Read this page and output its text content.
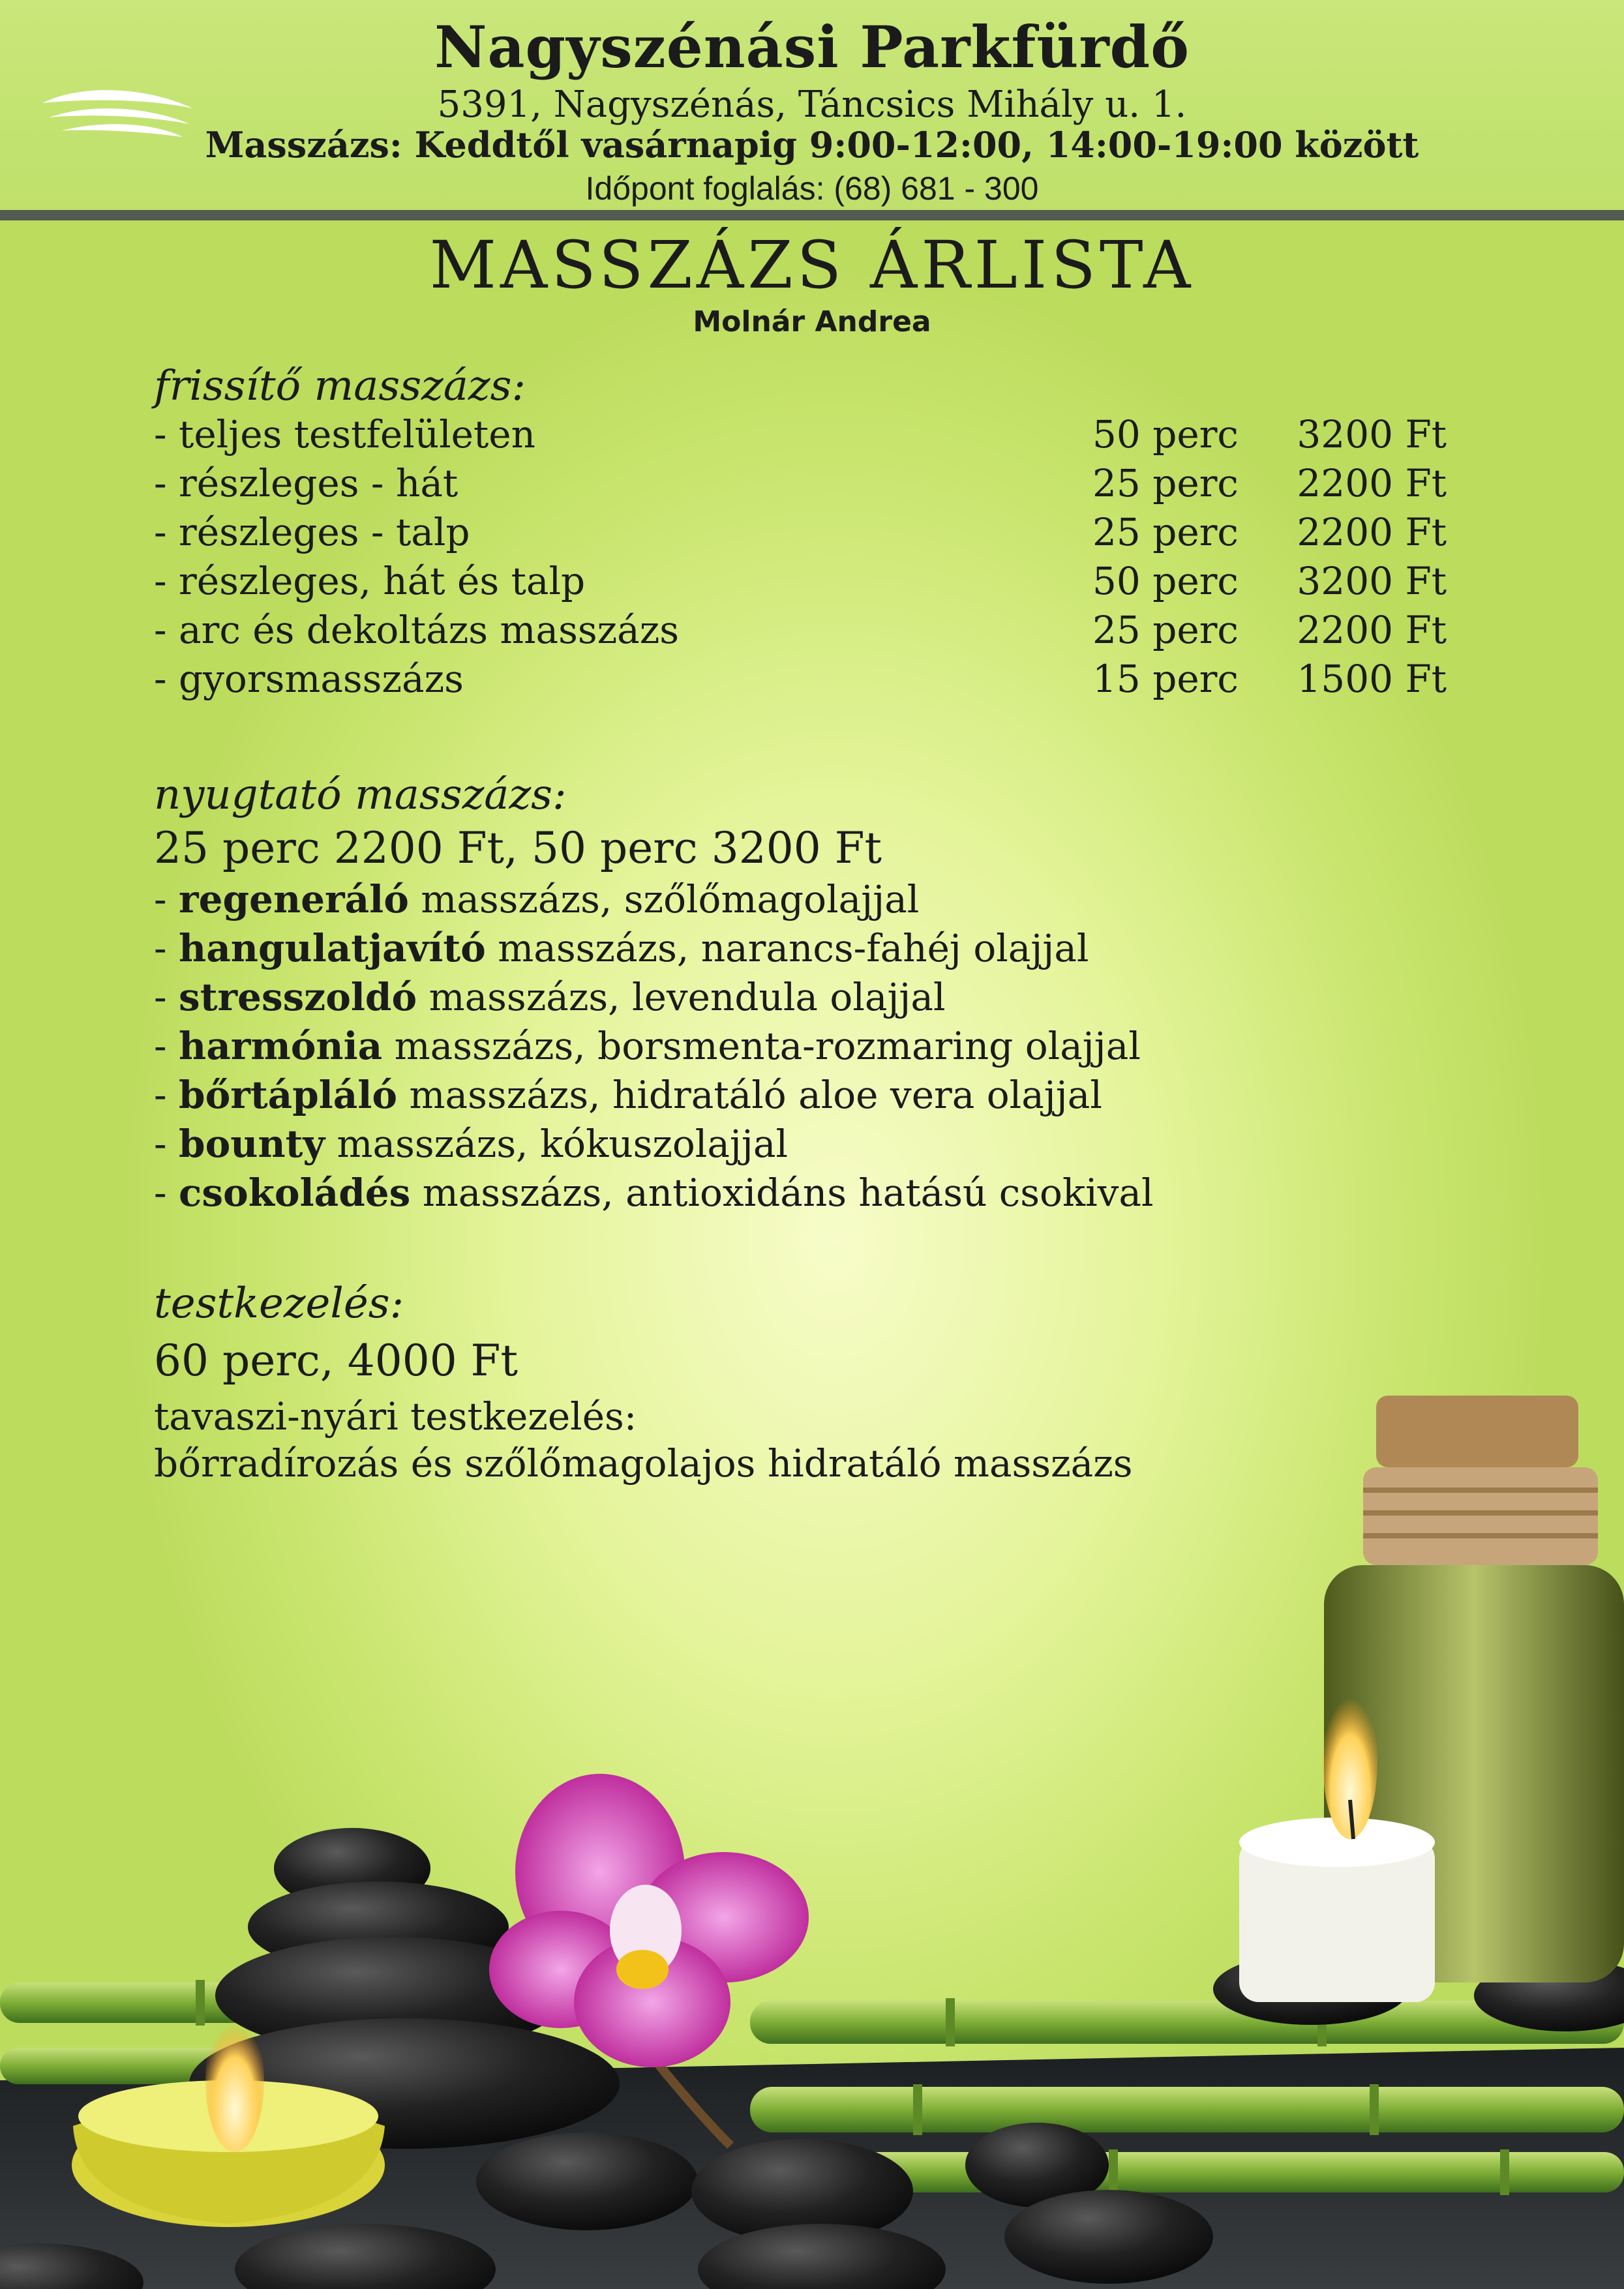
Nagyszénási Parkfürdő
5391, Nagyszénás, Táncsics Mihály u. 1.
Masszázs: Keddtől vasárnapig 9:00-12:00, 14:00-19:00 között
Időpont foglalás: (68) 681 - 300
MASSZÁZS ÁRLISTA
Molnár Andrea
frissítő masszázs:
- teljes testfelületen	50 perc 3200 Ft
- részleges - hát	25 perc 2200 Ft
- részleges - talp	25 perc 2200 Ft
- részleges, hát és talp	50 perc 3200 Ft
- arc és dekoltázs masszázs	25 perc 2200 Ft
- gyorsmasszázs	15 perc 1500 Ft
nyugtató masszázs:
25 perc 2200 Ft, 50 perc 3200 Ft
- regeneráló masszázs, szőlőmagolajjal
- hangulatjavító masszázs, narancs-fahéj olajjal
- stresszoldó masszázs, levendula olajjal
- harmónia masszázs, borsmenta-rozmaring olajjal
- bőrtápláló masszázs, hidratáló aloe vera olajjal
- bounty masszázs, kókuszolajjal
- csokoládés masszázs, antioxidáns hatású csokival
testkezelés:
60 perc, 4000 Ft
tavaszi-nyári testkezelés:
bőrradírozás és szőlőmagolajos hidratáló masszázs
